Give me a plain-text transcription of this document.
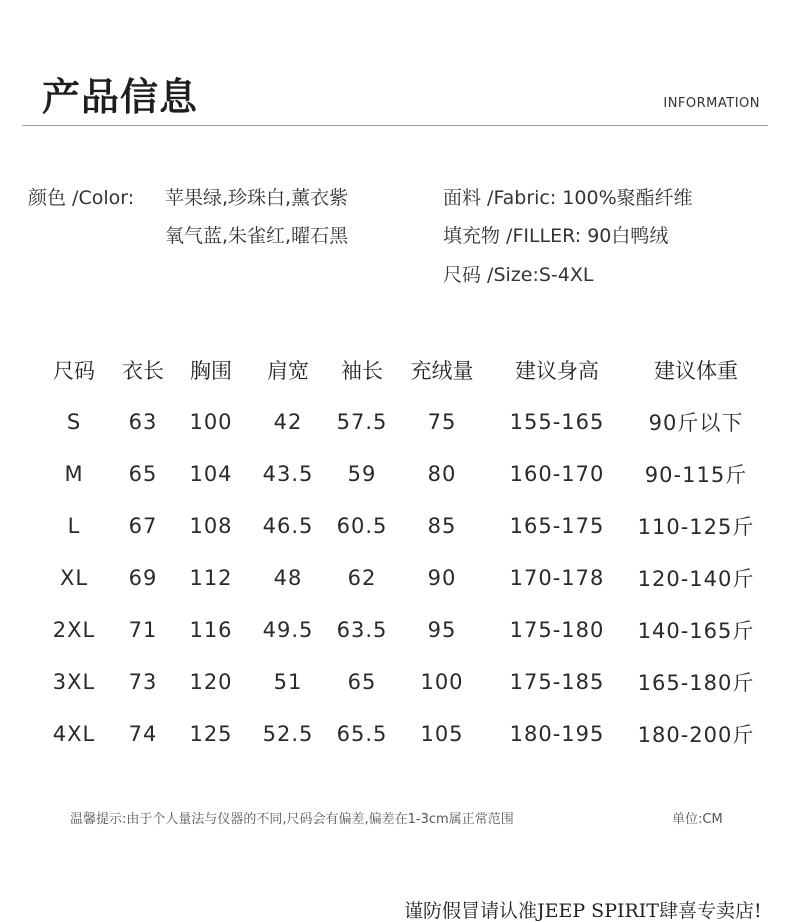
产品信息	INFORMATION
颜色 /Color: 苹果绿,珍珠白,薰衣紫
氧气蓝,朱雀红,曜石黑
面料 /Fabric: 100%聚酯纤维
填充物 /FILLER: 90白鸭绒
尺码 /Size:S-4XL
尺码	衣长	胸围	肩宽	袖长	充绒量	建议身高	建议体重
S	63	100	42	57.5	75	155-165	90斤以下
M	65	104	43.5	59	80	160-170	90-115斤
L	67	108	46.5	60.5	85	165-175	110-125斤
XL	69	112	48	62	90	170-178	120-140斤
2XL	71	116	49.5	63.5	95	175-180	140-165斤
3XL	73	120	51	65	100	175-185	165-180斤
4XL	74	125	52.5	65.5	105	180-195	180-200斤
温馨提示:由于个人量法与仪器的不同,尺码会有偏差,偏差在1-3cm属正常范围	单位:CM
谨防假冒请认准JEEP SPIRIT肆喜专卖店!
